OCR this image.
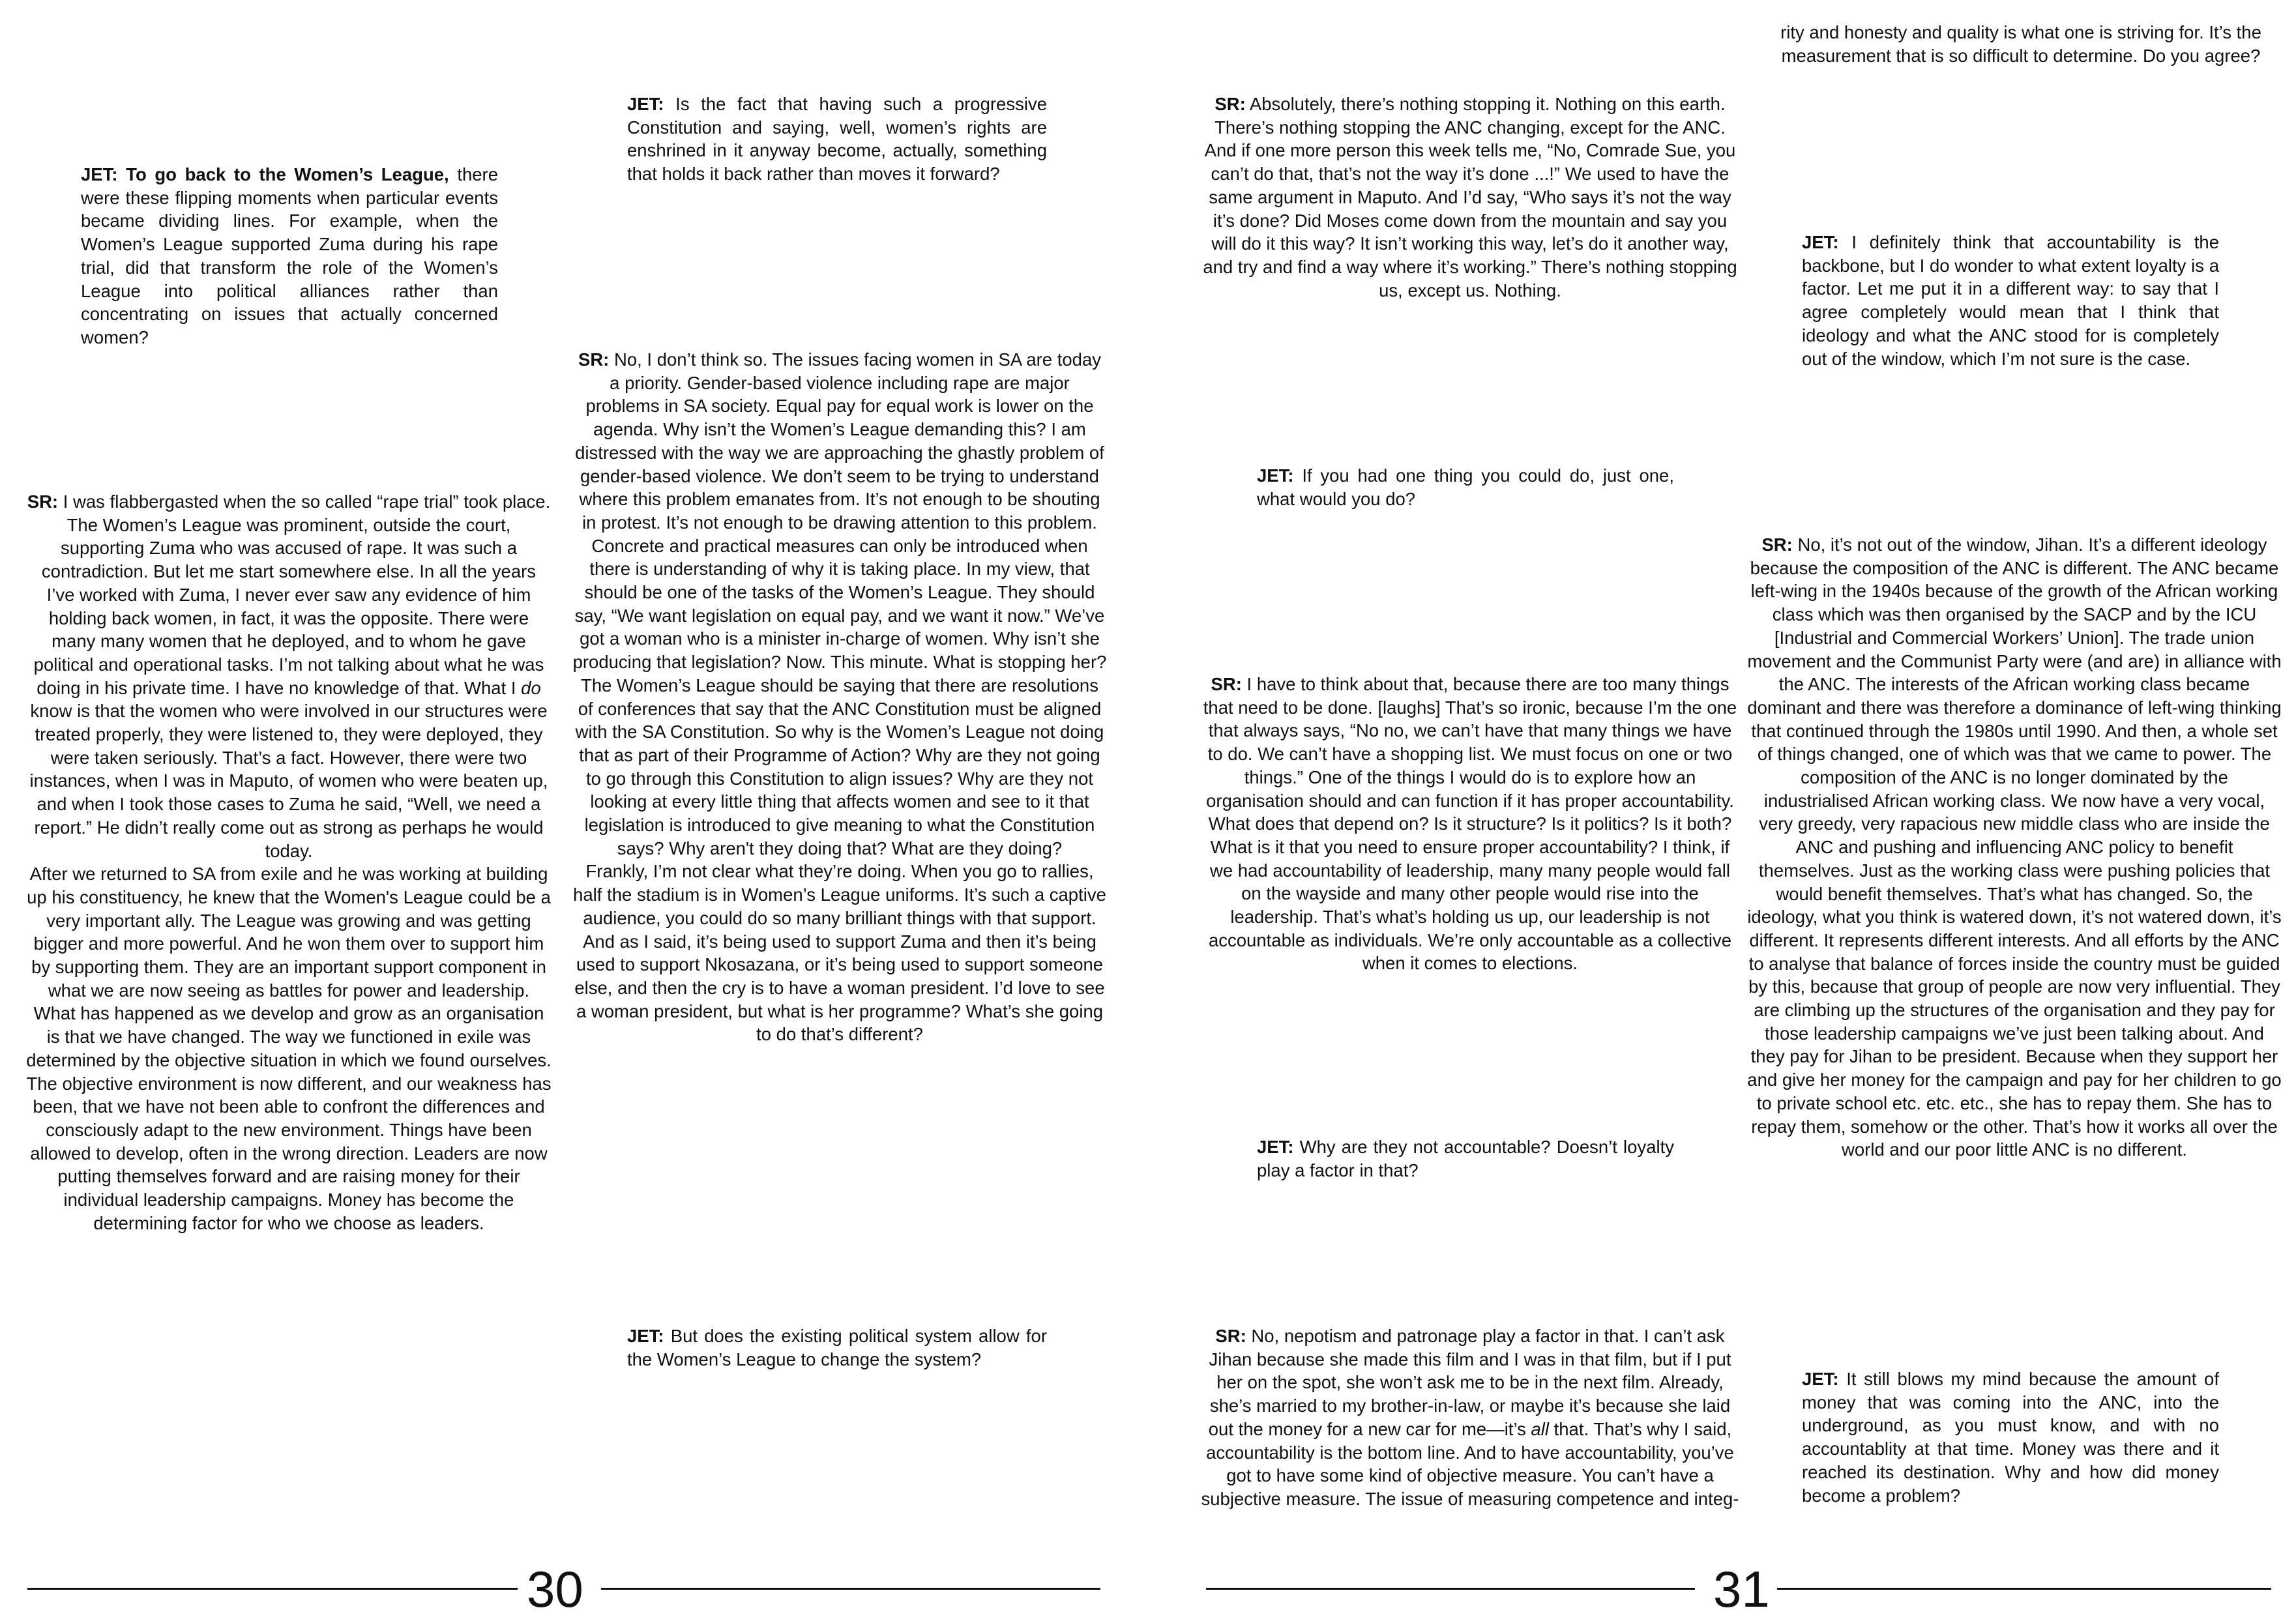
JET: To go back to the Women’s League, there were these flipping moments when particular events became dividing lines. For example, when the Women’s League supported Zuma during his rape trial, did that transform the role of the Women’s League into political alliances rather than concentrating on issues that actually concerned women?

SR: I was flabbergasted when the so called “rape trial” took place. The Women’s League was prominent, outside the court, supporting Zuma who was accused of rape. It was such a contradiction. But let me start somewhere else. In all the years I’ve worked with Zuma, I never ever saw any evidence of him holding back women, in fact, it was the opposite. There were many many women that he deployed, and to whom he gave political and operational tasks. I’m not talking about what he was doing in his private time. I have no knowledge of that. What I do know is that the women who were involved in our structures were treated properly, they were listened to, they were deployed, they were taken seriously. That’s a fact. However, there were two instances, when I was in Maputo, of women who were beaten up, and when I took those cases to Zuma he said, “Well, we need a report.” He didn’t really come out as strong as perhaps he would today.

After we returned to SA from exile and he was working at building up his constituency, he knew that the Women's League could be a very important ally. The League was growing and was getting bigger and more powerful. And he won them over to support him by supporting them. They are an important support component in what we are now seeing as battles for power and leadership.

What has happened as we develop and grow as an organisation is that we have changed. The way we functioned in exile was determined by the objective situation in which we found ourselves. The objective environment is now different, and our weakness has been, that we have not been able to confront the differences and consciously adapt to the new environment. Things have been allowed to develop, often in the wrong direction. Leaders are now putting themselves forward and are raising money for their individual leadership campaigns. Money has become the determining factor for who we choose as leaders.

JET: Is the fact that having such a progressive Constitution and saying, well, women’s rights are enshrined in it anyway become, actually, something that holds it back rather than moves it forward?

SR: No, I don’t think so. The issues facing women in SA are today a priority. Gender-based violence including rape are major problems in SA society. Equal pay for equal work is lower on the agenda. Why isn’t the Women’s League demanding this? I am distressed with the way we are approaching the ghastly problem of gender-based violence. We don’t seem to be trying to understand where this problem emanates from. It’s not enough to be shouting in protest. It’s not enough to be drawing attention to this problem. Concrete and practical measures can only be introduced when there is understanding of why it is taking place. In my view, that should be one of the tasks of the Women’s League. They should say, “We want legislation on equal pay, and we want it now.” We’ve got a woman who is a minister in-charge of women. Why isn’t she producing that legislation? Now. This minute. What is stopping her?

The Women’s League should be saying that there are resolutions of conferences that say that the ANC Constitution must be aligned with the SA Constitution. So why is the Women’s League not doing that as part of their Programme of Action? Why are they not going to go through this Constitution to align issues? Why are they not looking at every little thing that affects women and see to it that legislation is introduced to give meaning to what the Constitution says? Why aren't they doing that? What are they doing?

Frankly, I’m not clear what they’re doing. When you go to rallies, half the stadium is in Women’s League uniforms. It’s such a captive audience, you could do so many brilliant things with that support. And as I said, it’s being used to support Zuma and then it’s being used to support Nkosazana, or it’s being used to support someone else, and then the cry is to have a woman president. I’d love to see a woman president, but what is her programme? What’s she going to do that’s different?

JET: But does the existing political system allow for the Women’s League to change the system?

30

SR: Absolutely, there’s nothing stopping it. Nothing on this earth. There’s nothing stopping the ANC changing, except for the ANC. And if one more person this week tells me, “No, Comrade Sue, you can’t do that, that’s not the way it’s done ...!” We used to have the same argument in Maputo. And I’d say, “Who says it’s not the way it’s done? Did Moses come down from the mountain and say you will do it this way? It isn’t working this way, let’s do it another way, and try and find a way where it’s working.” There’s nothing stopping us, except us. Nothing.

JET: If you had one thing you could do, just one, what would you do?

SR: I have to think about that, because there are too many things that need to be done. [laughs] That’s so ironic, because I’m the one that always says, “No no, we can’t have that many things we have to do. We can’t have a shopping list. We must focus on one or two things.” One of the things I would do is to explore how an organisation should and can function if it has proper accountability. What does that depend on? Is it structure? Is it politics? Is it both? What is it that you need to ensure proper accountability? I think, if we had accountability of leadership, many many people would fall on the wayside and many other people would rise into the leadership. That’s what’s holding us up, our leadership is not accountable as individuals. We’re only accountable as a collective when it comes to elections.

JET: Why are they not accountable? Doesn’t loyalty play a factor in that?

SR: No, nepotism and patronage play a factor in that. I can’t ask Jihan because she made this film and I was in that film, but if I put her on the spot, she won’t ask me to be in the next film. Already, she’s married to my brother-in-law, or maybe it’s because she laid out the money for a new car for me—it’s all that. That’s why I said, accountability is the bottom line. And to have accountability, you’ve got to have some kind of objective measure. You can’t have a subjective measure. The issue of measuring competence and integ-

rity and honesty and quality is what one is striving for. It’s the measurement that is so difficult to determine. Do you agree?

JET: I definitely think that accountability is the backbone, but I do wonder to what extent loyalty is a factor. Let me put it in a different way: to say that I agree completely would mean that I think that ideology and what the ANC stood for is completely out of the window, which I’m not sure is the case.

SR: No, it’s not out of the window, Jihan. It’s a different ideology because the composition of the ANC is different. The ANC became left-wing in the 1940s because of the growth of the African working class which was then organised by the SACP and by the ICU [Industrial and Commercial Workers’ Union]. The trade union movement and the Communist Party were (and are) in alliance with the ANC. The interests of the African working class became dominant and there was therefore a dominance of left-wing thinking that continued through the 1980s until 1990. And then, a whole set of things changed, one of which was that we came to power. The composition of the ANC is no longer dominated by the industrialised African working class. We now have a very vocal, very greedy, very rapacious new middle class who are inside the ANC and pushing and influencing ANC policy to benefit themselves. Just as the working class were pushing policies that would benefit themselves. That’s what has changed. So, the ideology, what you think is watered down, it’s not watered down, it’s different. It represents different interests. And all efforts by the ANC to analyse that balance of forces inside the country must be guided by this, because that group of people are now very influential. They are climbing up the structures of the organisation and they pay for those leadership campaigns we’ve just been talking about. And they pay for Jihan to be president. Because when they support her and give her money for the campaign and pay for her children to go to private school etc. etc. etc., she has to repay them. She has to repay them, somehow or the other. That’s how it works all over the world and our poor little ANC is no different.

JET: It still blows my mind because the amount of money that was coming into the ANC, into the underground, as you must know, and with no accountablity at that time. Money was there and it reached its destination. Why and how did money become a problem?

31
